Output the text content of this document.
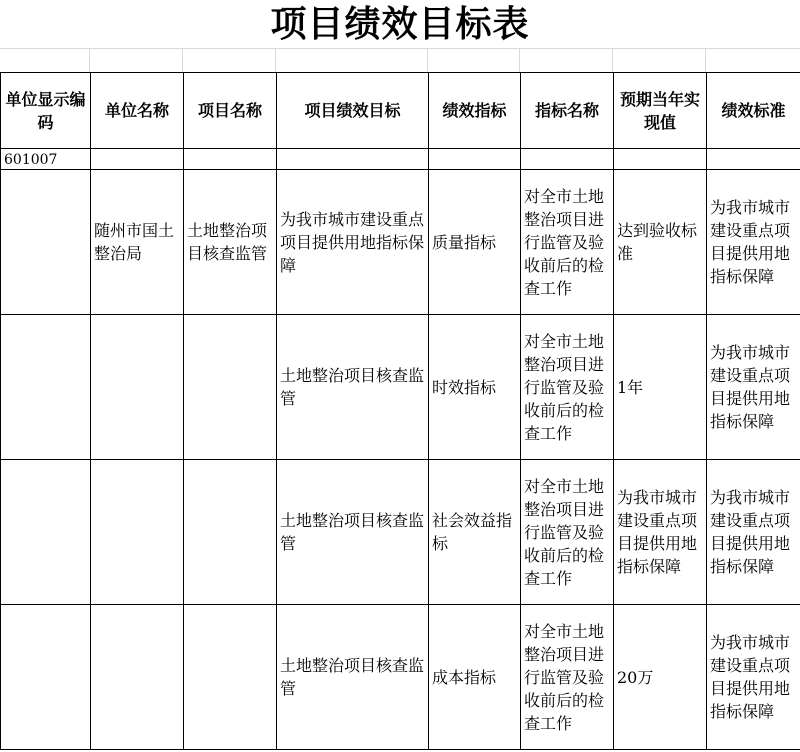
项目绩效目标表
单位显示编码	单位名称	项目名称	项目绩效目标	绩效指标	指标名称	预期当年实现值	绩效标准
601007							
	随州市国土整治局	土地整治项目核查监管	为我市城市建设重点项目提供用地指标保障	质量指标	对全市土地整治项目进行监管及验收前后的检查工作	达到验收标准	为我市城市建设重点项目提供用地指标保障
			土地整治项目核查监管	时效指标	对全市土地整治项目进行监管及验收前后的检查工作	1年	为我市城市建设重点项目提供用地指标保障
			土地整治项目核查监管	社会效益指标	对全市土地整治项目进行监管及验收前后的检查工作	为我市城市建设重点项目提供用地指标保障	为我市城市建设重点项目提供用地指标保障
			土地整治项目核查监管	成本指标	对全市土地整治项目进行监管及验收前后的检查工作	20万	为我市城市建设重点项目提供用地指标保障
